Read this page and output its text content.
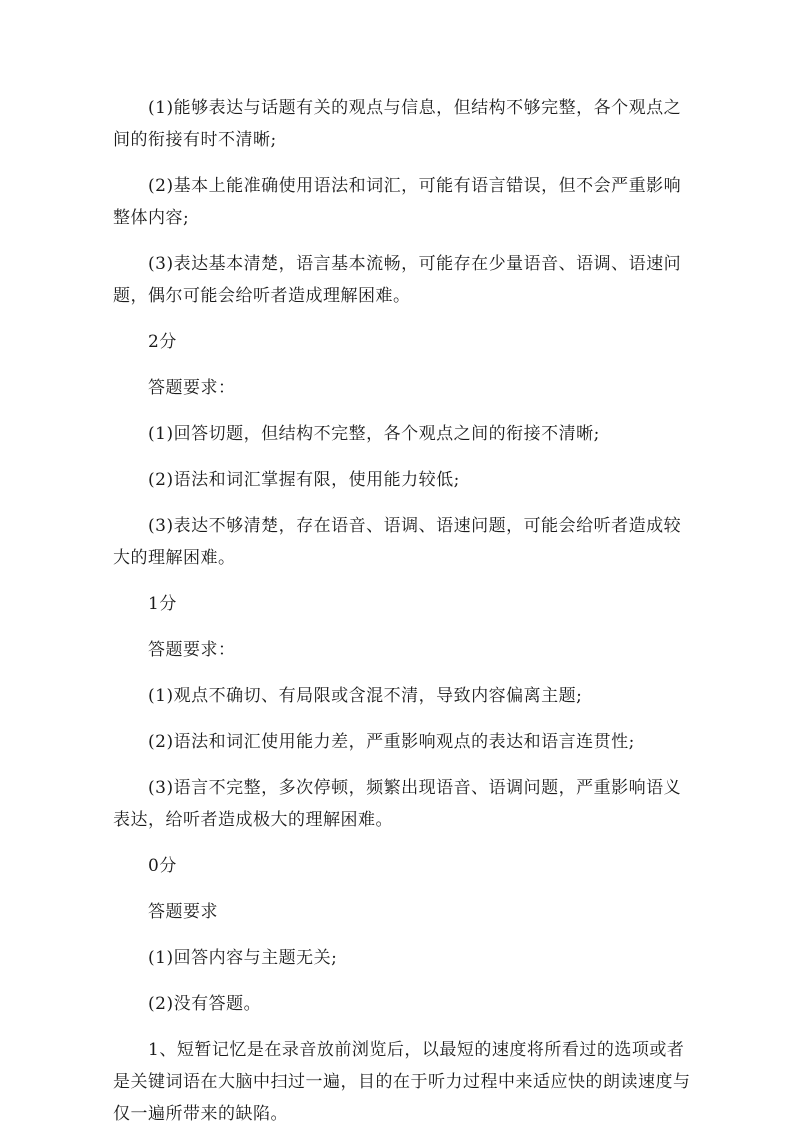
(1)能够表达与话题有关的观点与信息，但结构不够完整，各个观点之间的衔接有时不清晰;

(2)基本上能准确使用语法和词汇，可能有语言错误，但不会严重影响整体内容;

(3)表达基本清楚，语言基本流畅，可能存在少量语音、语调、语速问题，偶尔可能会给听者造成理解困难。

2分

答题要求：

(1)回答切题，但结构不完整，各个观点之间的衔接不清晰;

(2)语法和词汇掌握有限，使用能力较低;

(3)表达不够清楚，存在语音、语调、语速问题，可能会给听者造成较大的理解困难。

1分

答题要求：

(1)观点不确切、有局限或含混不清，导致内容偏离主题;

(2)语法和词汇使用能力差，严重影响观点的表达和语言连贯性;

(3)语言不完整，多次停顿，频繁出现语音、语调问题，严重影响语义表达，给听者造成极大的理解困难。

0分

答题要求

(1)回答内容与主题无关;

(2)没有答题。

1、短暂记忆是在录音放前浏览后，以最短的速度将所看过的选项或者是关键词语在大脑中扫过一遍，目的在于听力过程中来适应快的朗读速度与仅一遍所带来的缺陷。
